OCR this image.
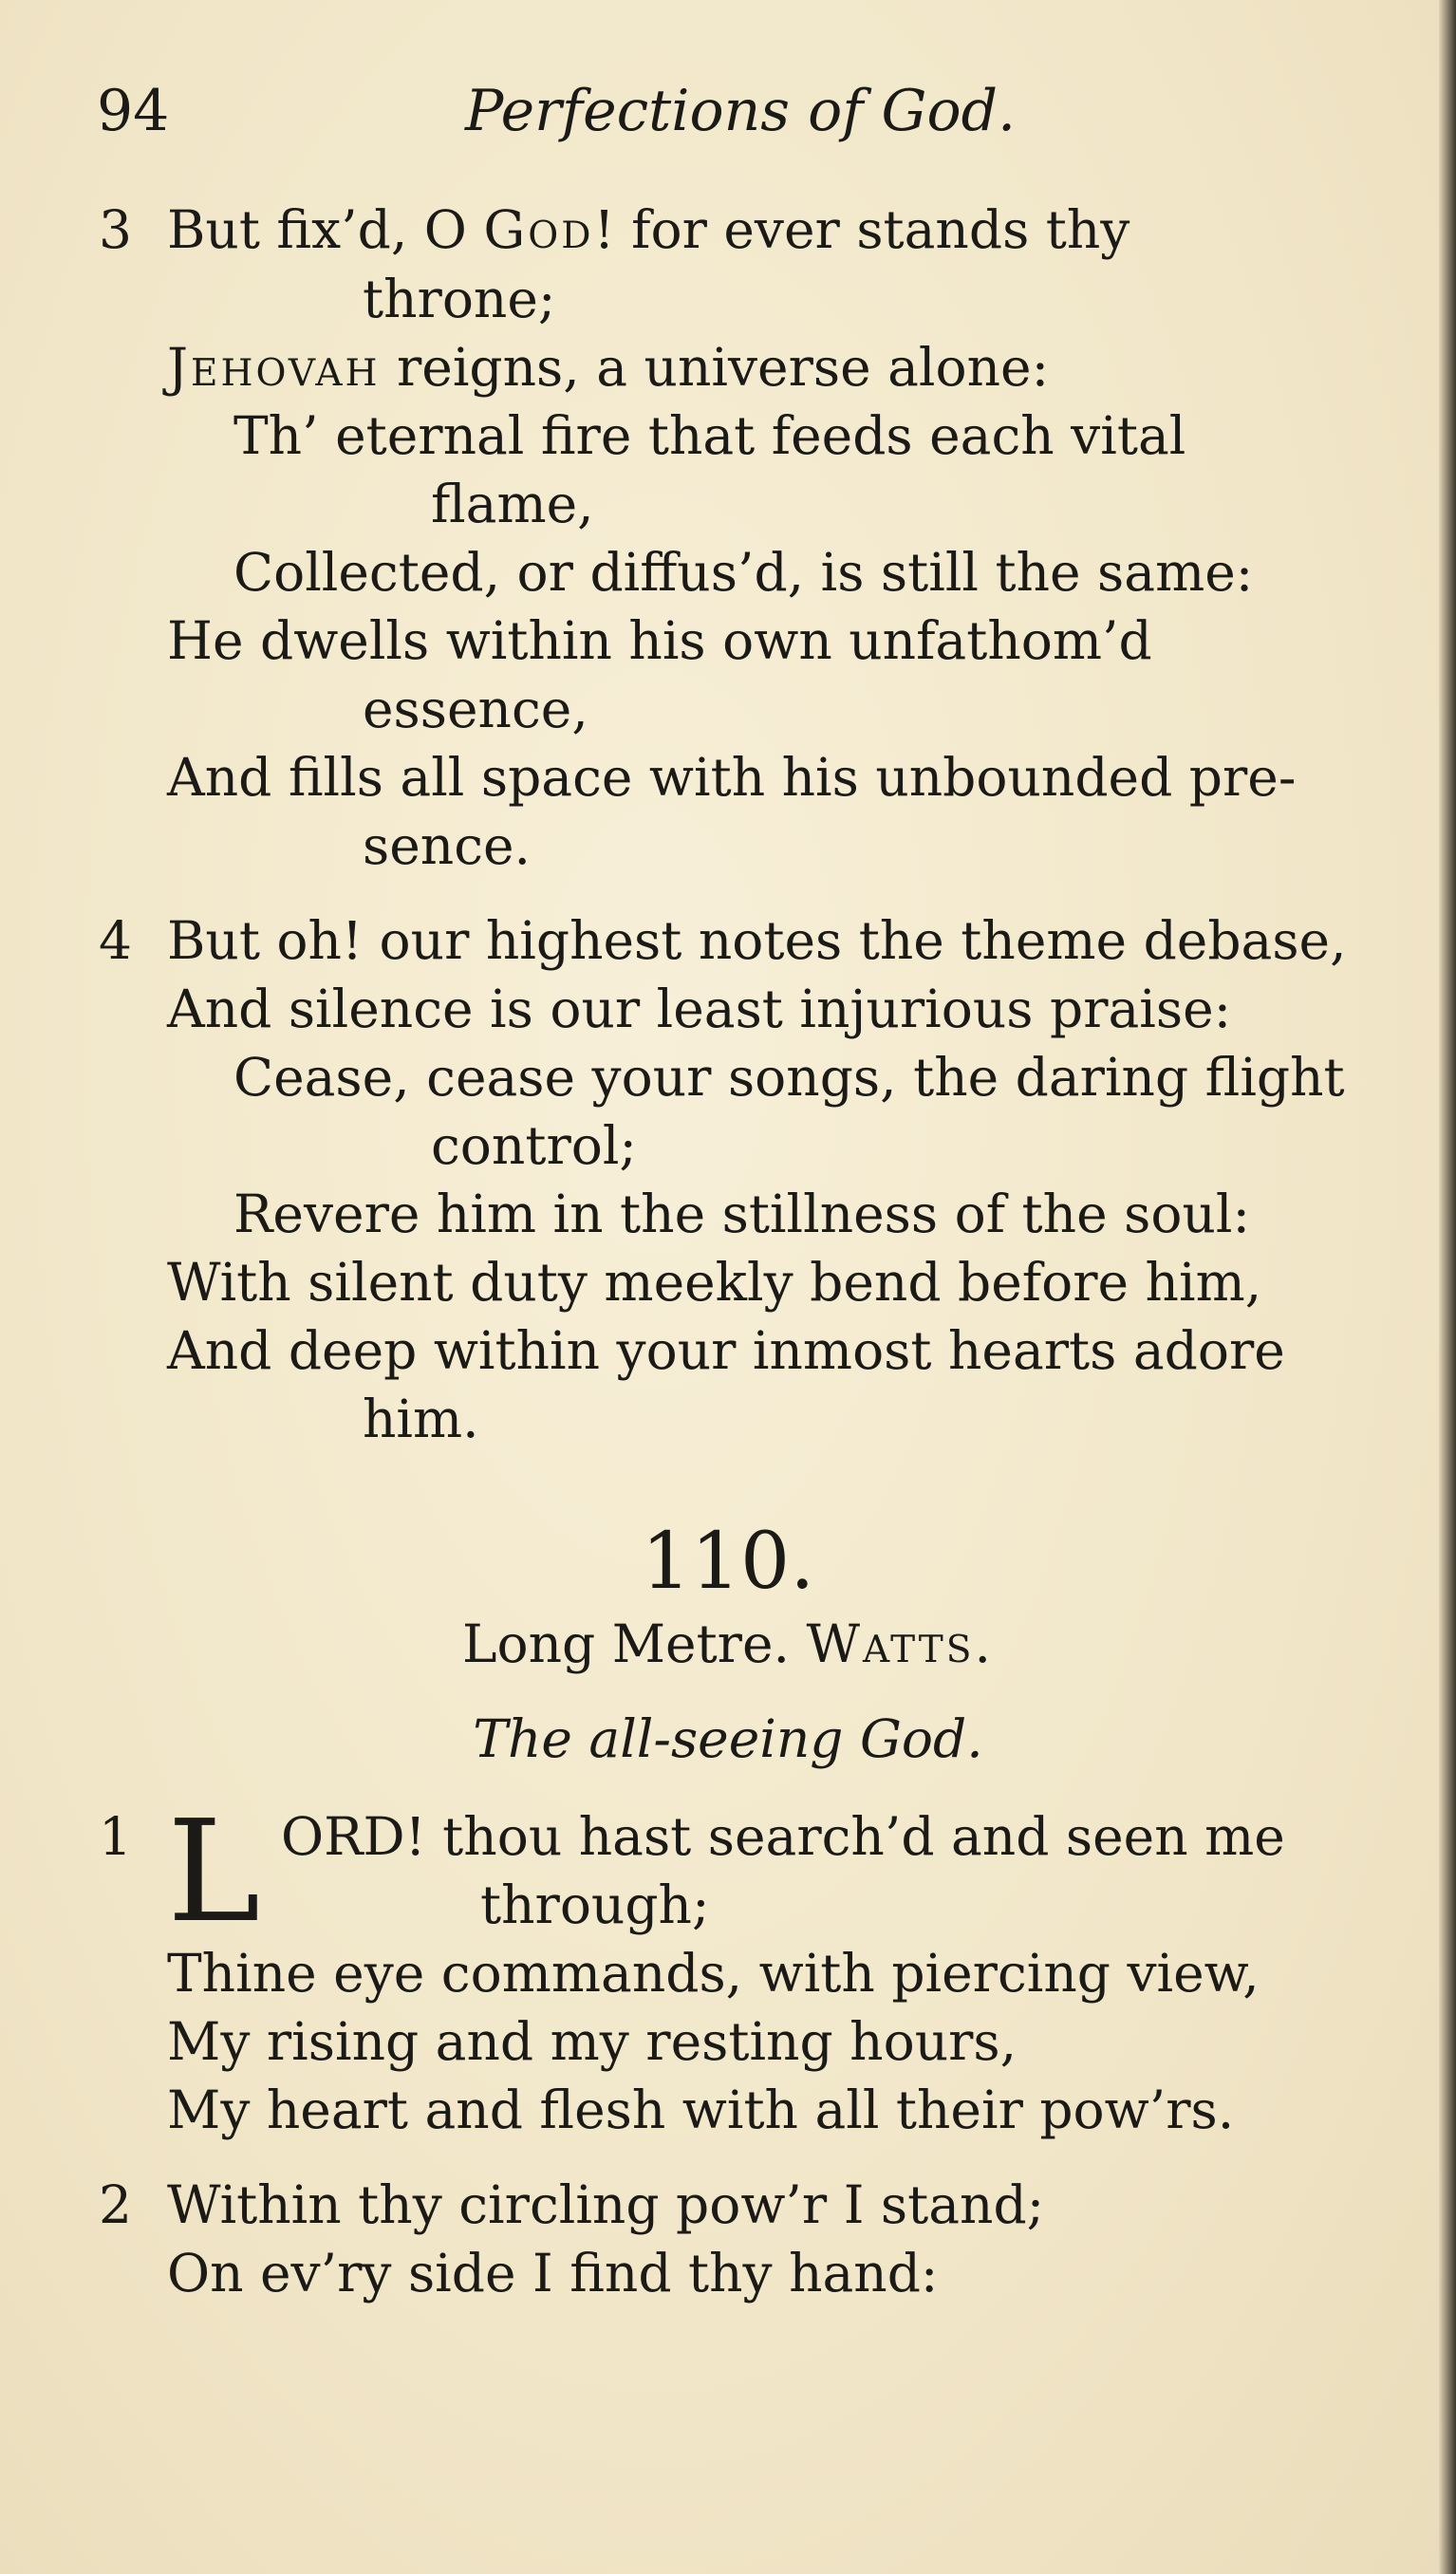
94	Perfections of God.
3 But fix’d, O God! for ever stands thy
throne;
Jehovah reigns, a universe alone:
Th’ eternal fire that feeds each vital
flame,
Collected, or diffus’d, is still the same:
He dwells within his own unfathom’d
essence,
And fills all space with his unbounded pre-
sence.
4 But oh! our highest notes the theme debase,
And silence is our least injurious praise:
Cease, cease your songs, the daring flight
control;
Revere him in the stillness of the soul:
With silent duty meekly bend before him,
And deep within your inmost hearts adore
him.
110.
Long Metre. Watts.
The all-seeing God.
1 L ORD! thou hast search’d and seen me
through;
Thine eye commands, with piercing view,
My rising and my resting hours,
My heart and flesh with all their pow’rs.
2 Within thy circling pow’r I stand;
On ev’ry side I find thy hand:
